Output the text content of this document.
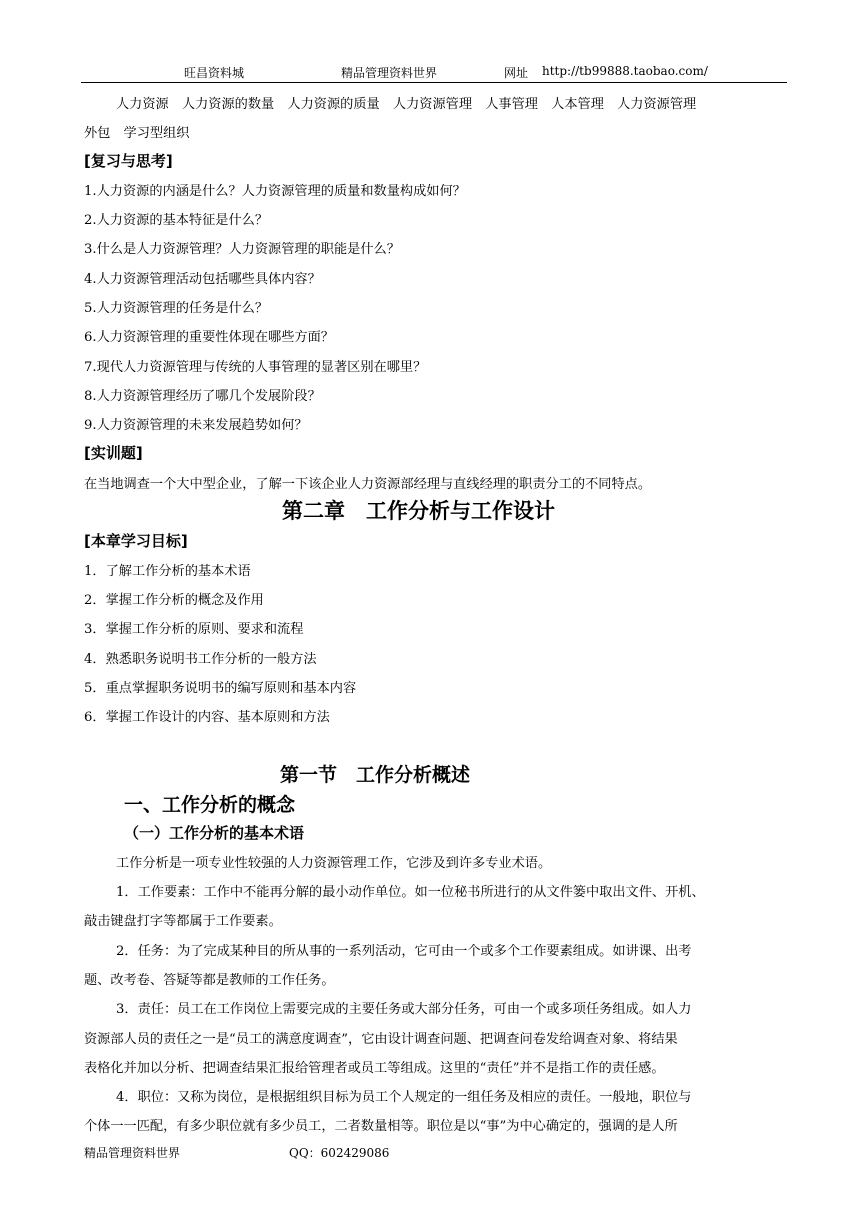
旺昌资料城	精品管理资料世界	网址 http://tb99888.taobao.com/
人力资源　人力资源的数量　人力资源的质量　人力资源管理　人事管理　人本管理　人力资源管理
外包　学习型组织
[复习与思考]
1.人力资源的内涵是什么？人力资源管理的质量和数量构成如何？
2.人力资源的基本特征是什么？
3.什么是人力资源管理？人力资源管理的职能是什么？
4.人力资源管理活动包括哪些具体内容？
5.人力资源管理的任务是什么？
6.人力资源管理的重要性体现在哪些方面？
7.现代人力资源管理与传统的人事管理的显著区别在哪里？
8.人力资源管理经历了哪几个发展阶段？
9.人力资源管理的未来发展趋势如何？
[实训题]
在当地调查一个大中型企业，了解一下该企业人力资源部经理与直线经理的职责分工的不同特点。
第二章　工作分析与工作设计
[本章学习目标]
1．了解工作分析的基本术语
2．掌握工作分析的概念及作用
3．掌握工作分析的原则、要求和流程
4．熟悉职务说明书工作分析的一般方法
5．重点掌握职务说明书的编写原则和基本内容
6．掌握工作设计的内容、基本原则和方法
第一节　工作分析概述
一、工作分析的概念
（一）工作分析的基本术语
工作分析是一项专业性较强的人力资源管理工作，它涉及到许多专业术语。
1．工作要素：工作中不能再分解的最小动作单位。如一位秘书所进行的从文件篓中取出文件、开机、
敲击键盘打字等都属于工作要素。
2．任务：为了完成某种目的所从事的一系列活动，它可由一个或多个工作要素组成。如讲课、出考
题、改考卷、答疑等都是教师的工作任务。
3．责任：员工在工作岗位上需要完成的主要任务或大部分任务，可由一个或多项任务组成。如人力
资源部人员的责任之一是“员工的满意度调查”，它由设计调查问题、把调查问卷发给调查对象、将结果
表格化并加以分析、把调查结果汇报给管理者或员工等组成。这里的“责任”并不是指工作的责任感。
4．职位：又称为岗位，是根据组织目标为员工个人规定的一组任务及相应的责任。一般地，职位与
个体一一匹配，有多少职位就有多少员工，二者数量相等。职位是以“事”为中心确定的，强调的是人所
精品管理资料世界	QQ：602429086
